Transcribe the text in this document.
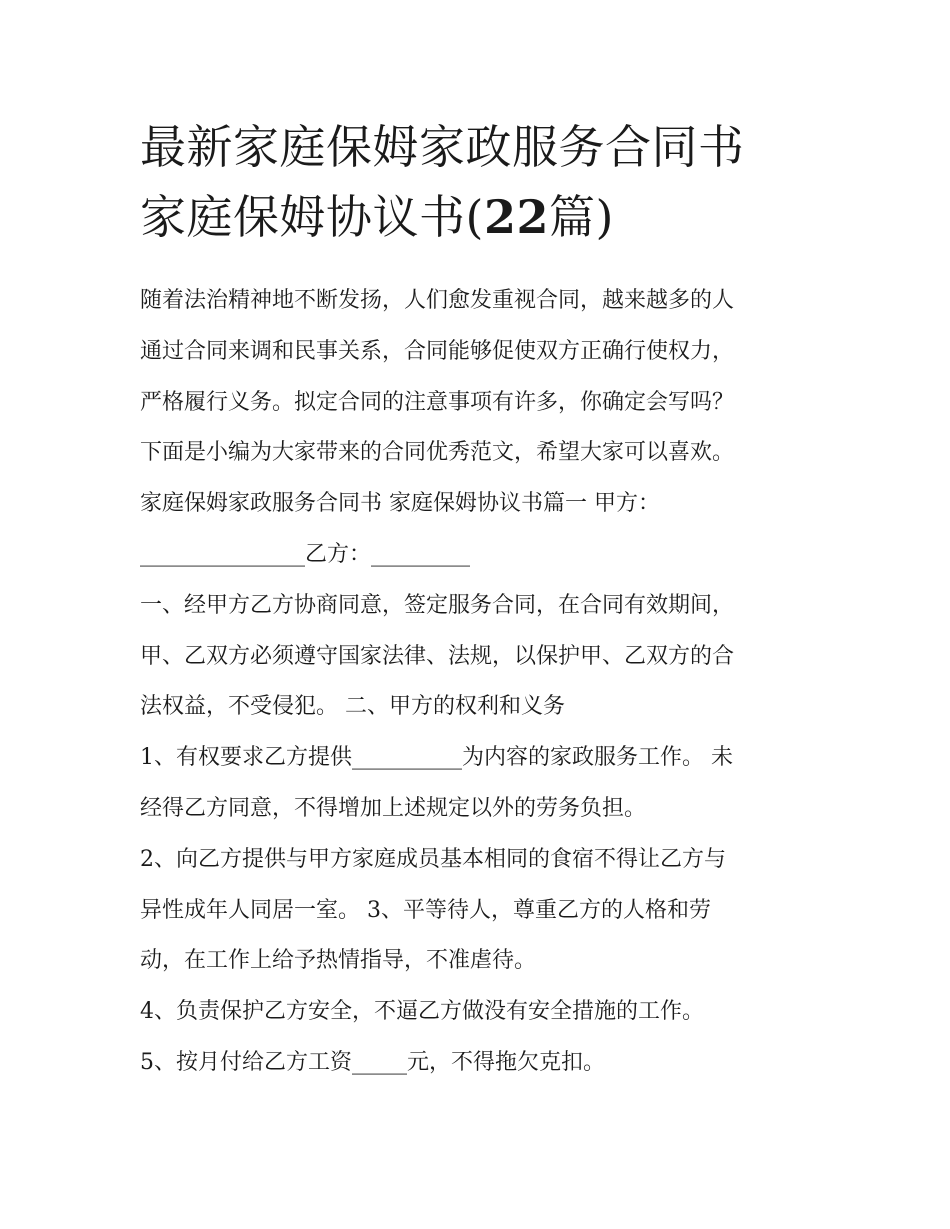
最新家庭保姆家政服务合同书
家庭保姆协议书(22篇)
随着法治精神地不断发扬，人们愈发重视合同，越来越多的人
通过合同来调和民事关系，合同能够促使双方正确行使权力，
严格履行义务。拟定合同的注意事项有许多，你确定会写吗？
下面是小编为大家带来的合同优秀范文，希望大家可以喜欢。
家庭保姆家政服务合同书 家庭保姆协议书篇一 甲方：
_______________乙方：_________
一、经甲方乙方协商同意，签定服务合同，在合同有效期间，
甲、乙双方必须遵守国家法律、法规，以保护甲、乙双方的合
法权益，不受侵犯。 二、甲方的权利和义务
1、有权要求乙方提供__________为内容的家政服务工作。 未
经得乙方同意，不得增加上述规定以外的劳务负担。
2、向乙方提供与甲方家庭成员基本相同的食宿不得让乙方与
异性成年人同居一室。 3、平等待人，尊重乙方的人格和劳
动，在工作上给予热情指导，不准虐待。
4、负责保护乙方安全，不逼乙方做没有安全措施的工作。
5、按月付给乙方工资_____元，不得拖欠克扣。
